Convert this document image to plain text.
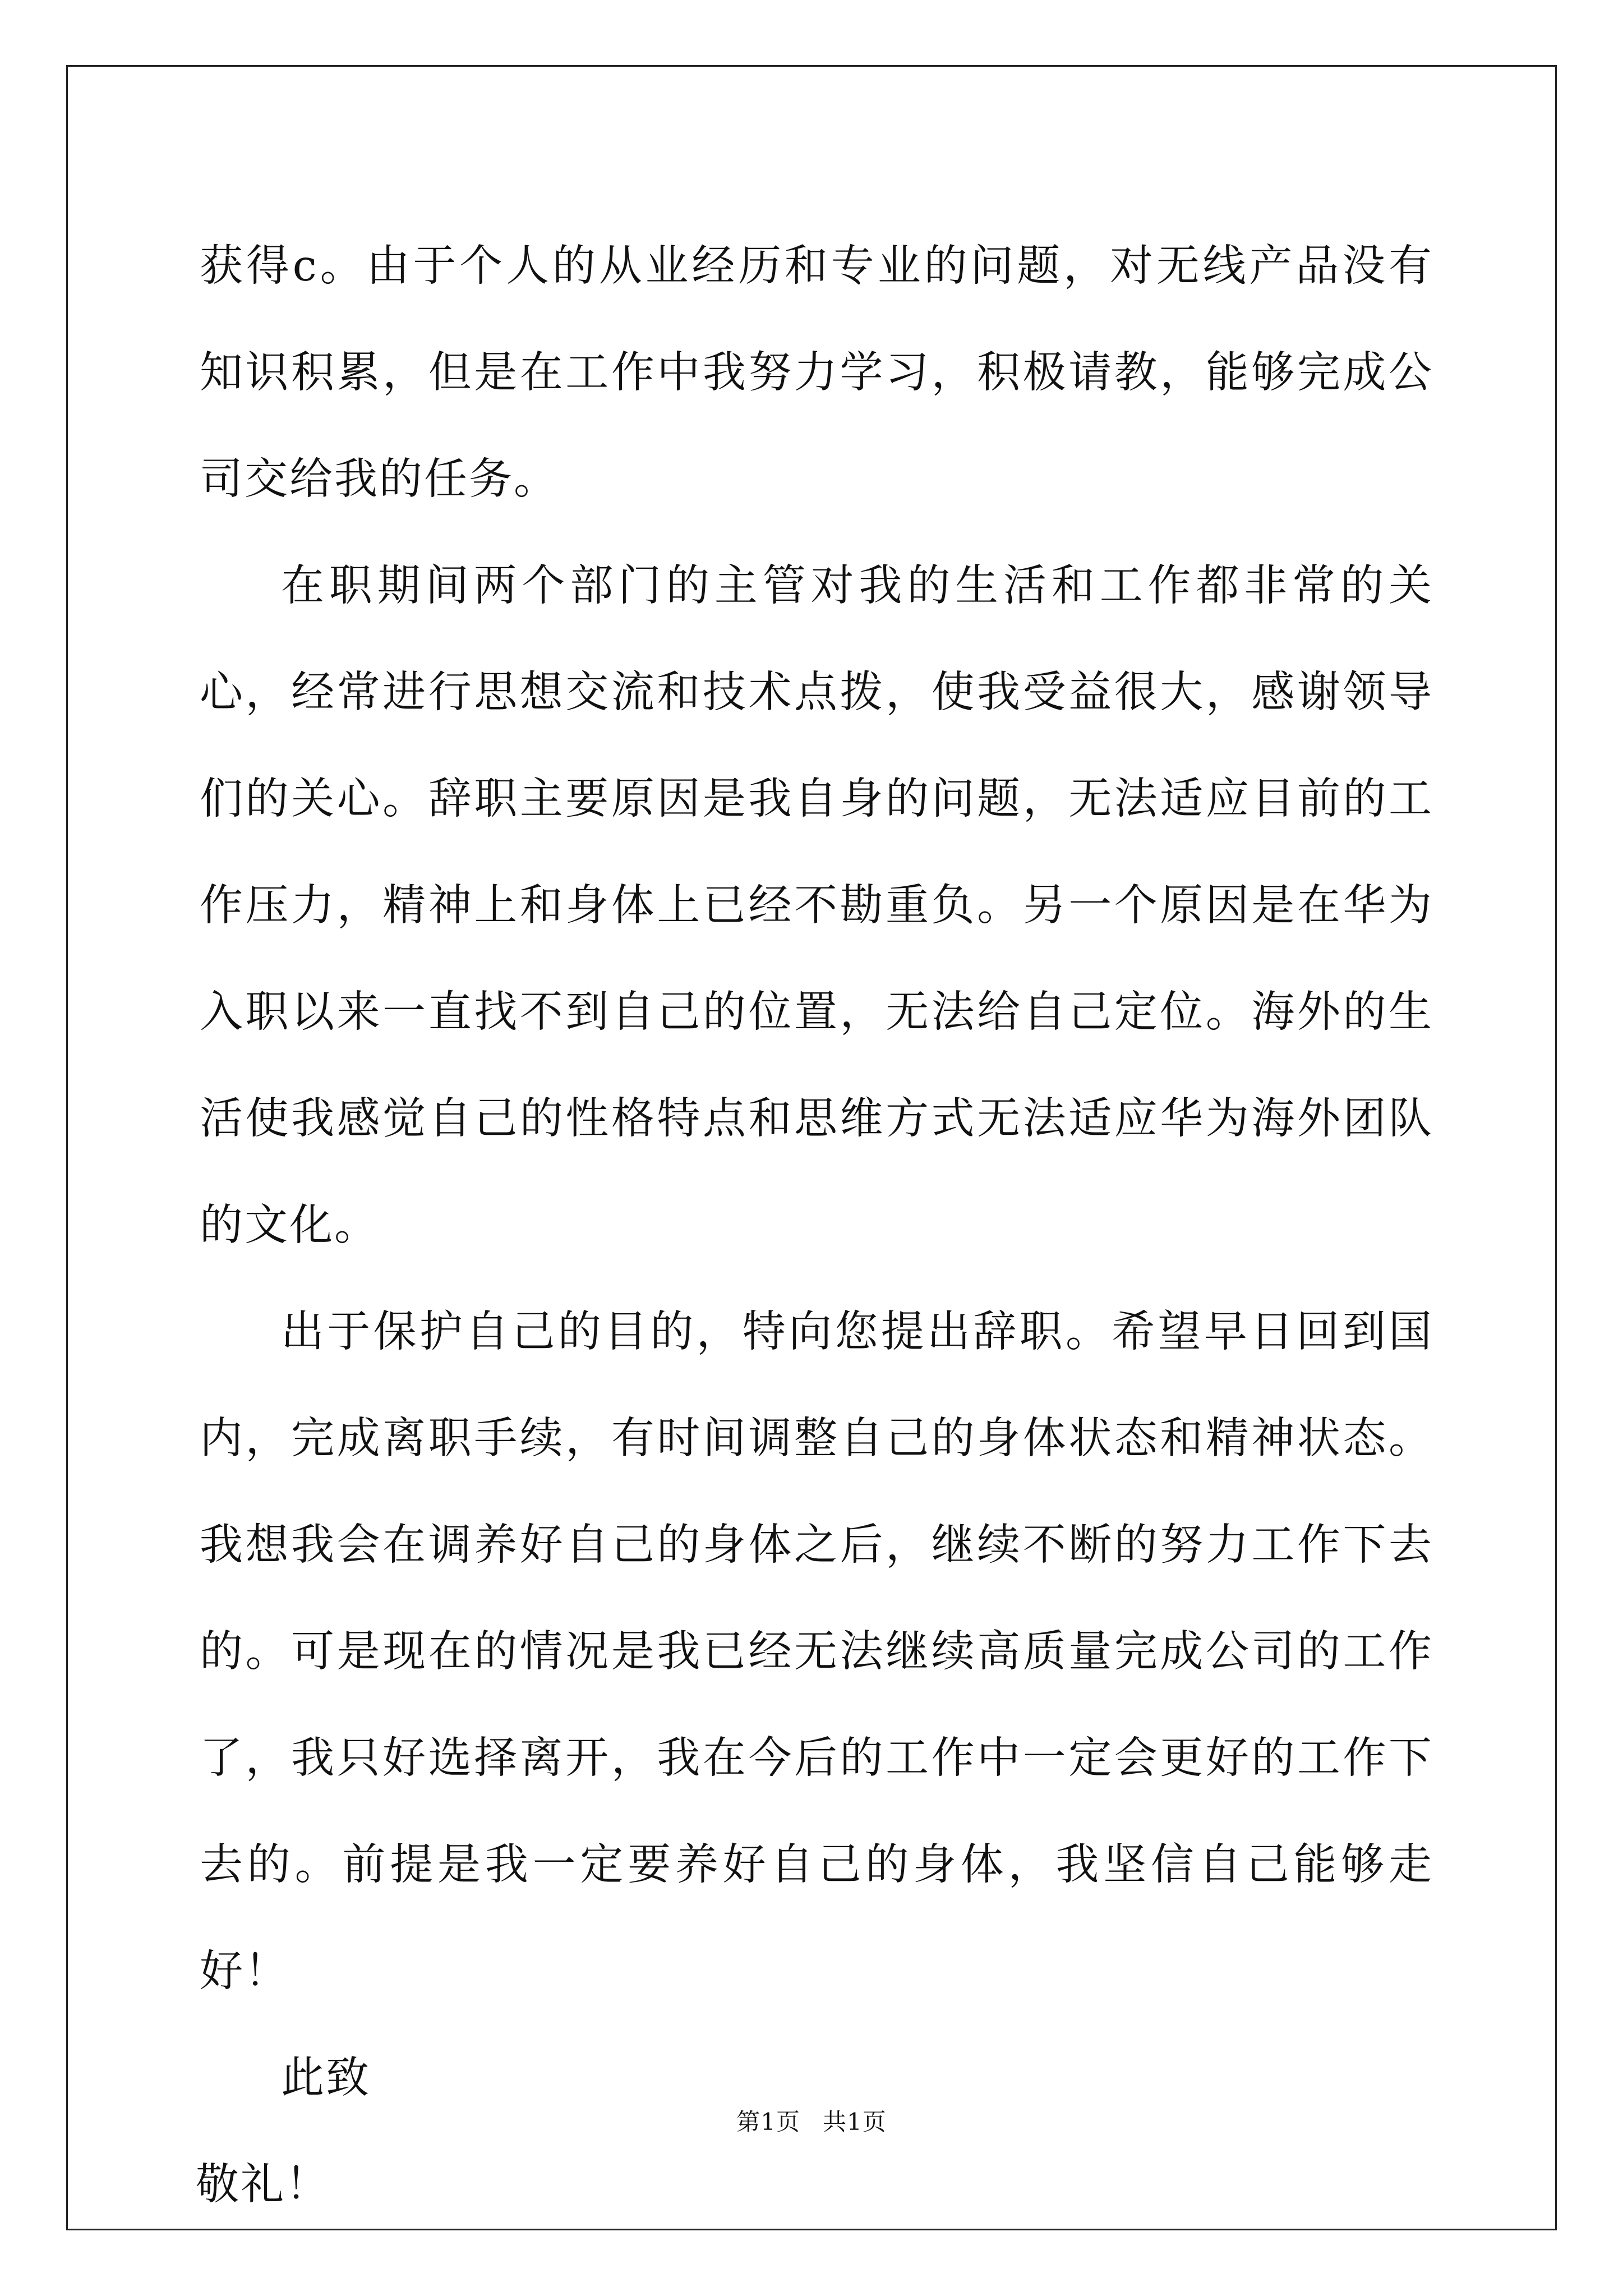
获得c。由于个人的从业经历和专业的问题，对无线产品没有知识积累，但是在工作中我努力学习，积极请教，能够完成公司交给我的任务。

在职期间两个部门的主管对我的生活和工作都非常的关心，经常进行思想交流和技术点拨，使我受益很大，感谢领导们的关心。辞职主要原因是我自身的问题，无法适应目前的工作压力，精神上和身体上已经不勘重负。另一个原因是在华为入职以来一直找不到自己的位置，无法给自己定位。海外的生活使我感觉自己的性格特点和思维方式无法适应华为海外团队的文化。

出于保护自己的目的，特向您提出辞职。希望早日回到国内，完成离职手续，有时间调整自己的身体状态和精神状态。我想我会在调养好自己的身体之后，继续不断的努力工作下去的。可是现在的情况是我已经无法继续高质量完成公司的工作了，我只好选择离开，我在今后的工作中一定会更好的工作下去的。前提是我一定要养好自己的身体，我坚信自己能够走好！

此致

敬礼！

第1页 共1页
